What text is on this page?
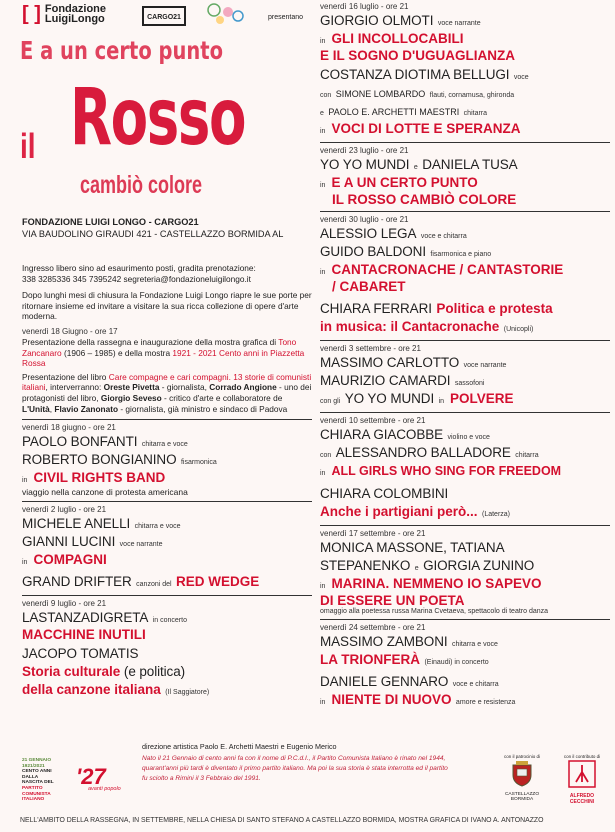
[ ] Fondazione
LuigiLongo	CARGO21	presentano
E a un certo punto
il Rosso
cambiò colore
FONDAZIONE LUIGI LONGO - CARGO21
VIA BAUDOLINO GIRAUDI 421 - CASTELLAZZO BORMIDA AL

Ingresso libero sino ad esaurimento posti, gradita prenotazione:
338 3285336 345 7395242 segreteria@fondazioneluigilongo.it

Dopo lunghi mesi di chiusura la Fondazione Luigi Longo riapre le sue porte per ritornare insieme ed invitare a visitare la sua ricca collezione di opere d'arte moderna.

venerdì 18 Giugno - ore 17

Presentazione della rassegna e inaugurazione della mostra grafica di Tono Zancanaro (1906 – 1985) e della mostra 1921 - 2021 Cento anni in Piazzetta Rossa

Presentazione del libro Care compagne e cari compagni. 13 storie di comunisti italiani, interverranno: Oreste Pivetta - giornalista, Corrado Angione - uno dei protagonisti del libro, Giorgio Seveso - critico d'arte e collaboratore de L'Unità, Flavio Zanonato - giornalista, già ministro e sindaco di Padova

venerdì 18 giugno - ore 21
PAOLO BONFANTI chitarra e voce
ROBERTO BONGIANINO fisarmonica
in CIVIL RIGHTS BAND
viaggio nella canzone di protesta americana
venerdì 2 luglio - ore 21
MICHELE ANELLI chitarra e voce
GIANNI LUCINI voce narrante
in COMPAGNI
GRAND DRIFTER canzoni del RED WEDGE
venerdì 9 luglio - ore 21
LASTANZADIGRETA in concerto
MACCHINE INUTILI
JACOPO TOMATIS
Storia culturale (e politica)
della canzone italiana (Il Saggiatore)
venerdì 16 luglio - ore 21
GIORGIO OLMOTI voce narrante
in GLI INCOLLOCABILI
E IL SOGNO D'UGUAGLIANZA
COSTANZA DIOTIMA BELLUGI voce
con SIMONE LOMBARDO flauti, cornamusa, ghironda
e PAOLO E. ARCHETTI MAESTRI chitarra
in VOCI DI LOTTE E SPERANZA
venerdì 23 luglio - ore 21
YO YO MUNDI e DANIELA TUSA
in E A UN CERTO PUNTO
IL ROSSO CAMBIÒ COLORE
venerdì 30 luglio - ore 21
ALESSIO LEGA voce e chitarra
GUIDO BALDONI fisarmonica e piano
in CANTACRONACHE / CANTASTORIE
/ CABARET
CHIARA FERRARI Politica e protesta
in musica: il Cantacronache (Unicopli)
venerdì 3 settembre - ore 21
MASSIMO CARLOTTO voce narrante
MAURIZIO CAMARDI sassofoni
con gli YO YO MUNDI in POLVERE
venerdì 10 settembre - ore 21
CHIARA GIACOBBE violino e voce
con ALESSANDRO BALLADORE chitarra
in ALL GIRLS WHO SING FOR FREEDOM
CHIARA COLOMBINI
Anche i partigiani però... (Laterza)
venerdì 17 settembre - ore 21
MONICA MASSONE, TATIANA
STEPANENKO e GIORGIA ZUNINO
in MARINA. NEMMENO IO SAPEVO
DI ESSERE UN POETA
omaggio alla poetessa russa Marina Cvetaeva, spettacolo di teatro danza
venerdì 24 settembre - ore 21
MASSIMO ZAMBONI chitarra e voce
LA TRIONFERÀ (Einaudi) in concerto
DANIELE GENNARO voce e chitarra
in NIENTE DI NUOVO amore e resistenza
direzione artistica Paolo E. Archetti Maestri e Eugenio Merico
21 GENNAIO
1921/2021
CENTO ANNI
DALLA
NASCITA DEL
PARTITO
COMUNISTA
ITALIANO
'27
avanti popolo
Nato il 21 Gennaio di cento anni fa con il nome di P.C.d.I., il Partito Comunista Italiano è rinato nel 1944, quarant'anni più tardi è diventato il primo partito italiano. Ma poi la sua storia è stata interrotta ed il partito fu sciolto a Rimini il 3 Febbraio del 1991.
con il patrocinio di
CASTELLAZZO BORMIDA
con il contributo di
ALFREDO
CECCHINI
NELL'AMBITO DELLA RASSEGNA, IN SETTEMBRE, NELLA CHIESA DI SANTO STEFANO A CASTELLAZZO BORMIDA, MOSTRA GRAFICA DI IVANO A. ANTONAZZO
